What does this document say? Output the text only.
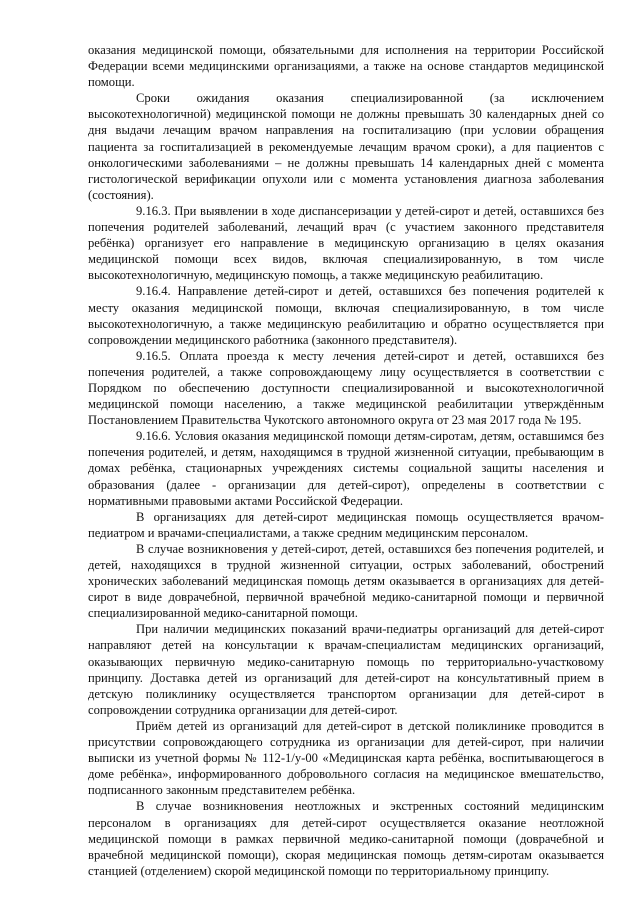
оказания медицинской помощи, обязательными для исполнения на территории Российской Федерации всеми медицинскими организациями, а также на основе стандартов медицинской помощи.

Сроки ожидания оказания специализированной (за исключением высокотехнологичной) медицинской помощи не должны превышать 30 календарных дней со дня выдачи лечащим врачом направления на госпитализацию (при условии обращения пациента за госпитализацией в рекомендуемые лечащим врачом сроки), а для пациентов с онкологическими заболеваниями – не должны превышать 14 календарных дней с момента гистологической верификации опухоли или с момента установления диагноза заболевания (состояния).

9.16.3. При выявлении в ходе диспансеризации у детей-сирот и детей, оставшихся без попечения родителей заболеваний, лечащий врач (с участием законного представителя ребёнка) организует его направление в медицинскую организацию в целях оказания медицинской помощи всех видов, включая специализированную, в том числе высокотехнологичную, медицинскую помощь, а также медицинскую реабилитацию.

9.16.4. Направление детей-сирот и детей, оставшихся без попечения родителей к месту оказания медицинской помощи, включая специализированную, в том числе высокотехнологичную, а также медицинскую реабилитацию и обратно осуществляется при сопровождении медицинского работника (законного представителя).

9.16.5. Оплата проезда к месту лечения детей-сирот и детей, оставшихся без попечения родителей, а также сопровождающему лицу осуществляется в соответствии с Порядком по обеспечению доступности специализированной и высокотехнологичной медицинской помощи населению, а также медицинской реабилитации утверждённым Постановлением Правительства Чукотского автономного округа от 23 мая 2017 года № 195.

9.16.6. Условия оказания медицинской помощи детям-сиротам, детям, оставшимся без попечения родителей, и детям, находящимся в трудной жизненной ситуации, пребывающим в домах ребёнка, стационарных учреждениях системы социальной защиты населения и образования (далее - организации для детей-сирот), определены в соответствии с нормативными правовыми актами Российской Федерации.

В организациях для детей-сирот медицинская помощь осуществляется врачом-педиатром и врачами-специалистами, а также средним медицинским персоналом.

В случае возникновения у детей-сирот, детей, оставшихся без попечения родителей, и детей, находящихся в трудной жизненной ситуации, острых заболеваний, обострений хронических заболеваний медицинская помощь детям оказывается в организациях для детей-сирот в виде доврачебной, первичной врачебной медико-санитарной помощи и первичной специализированной медико-санитарной помощи.

При наличии медицинских показаний врачи-педиатры организаций для детей-сирот направляют детей на консультации к врачам-специалистам медицинских организаций, оказывающих первичную медико-санитарную помощь по территориально-участковому принципу. Доставка детей из организаций для детей-сирот на консультативный прием в детскую поликлинику осуществляется транспортом организации для детей-сирот в сопровождении сотрудника организации для детей-сирот.

Приём детей из организаций для детей-сирот в детской поликлинике проводится в присутствии сопровождающего сотрудника из организации для детей-сирот, при наличии выписки из учетной формы № 112-1/у-00 «Медицинская карта ребёнка, воспитывающегося в доме ребёнка», информированного добровольного согласия на медицинское вмешательство, подписанного законным представителем ребёнка.

В случае возникновения неотложных и экстренных состояний медицинским персоналом в организациях для детей-сирот осуществляется оказание неотложной медицинской помощи в рамках первичной медико-санитарной помощи (доврачебной и врачебной медицинской помощи), скорая медицинская помощь детям-сиротам оказывается станцией (отделением) скорой медицинской помощи по территориальному принципу.
